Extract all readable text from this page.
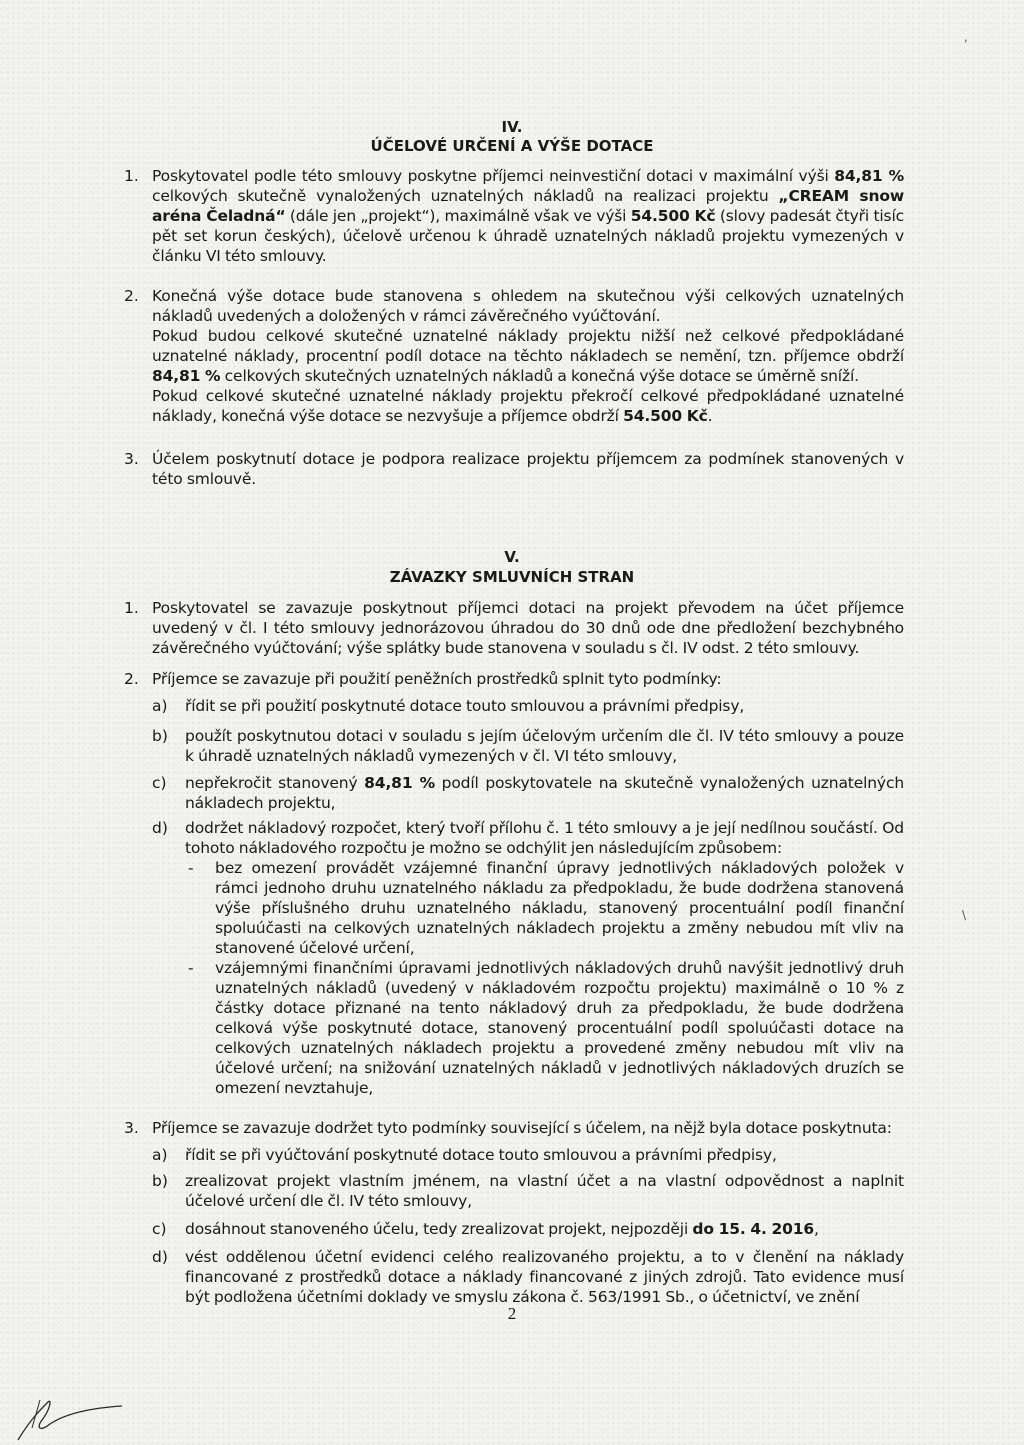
IV.
ÚČELOVÉ URČENÍ A VÝŠE DOTACE
1. Poskytovatel podle této smlouvy poskytne příjemci neinvestiční dotaci v maximální výši 84,81 % celkových skutečně vynaložených uznatelných nákladů na realizaci projektu „CREAM snow aréna Čeladná“ (dále jen „projekt“), maximálně však ve výši 54.500 Kč (slovy padesát čtyři tisíc pět set korun českých), účelově určenou k úhradě uznatelných nákladů projektu vymezených v článku VI této smlouvy.
2. Konečná výše dotace bude stanovena s ohledem na skutečnou výši celkových uznatelných nákladů uvedených a doložených v rámci závěrečného vyúčtování.
Pokud budou celkové skutečné uznatelné náklady projektu nižší než celkové předpokládané uznatelné náklady, procentní podíl dotace na těchto nákladech se nemění, tzn. příjemce obdrží 84,81 % celkových skutečných uznatelných nákladů a konečná výše dotace se úměrně sníží.
Pokud celkové skutečné uznatelné náklady projektu překročí celkové předpokládané uznatelné náklady, konečná výše dotace se nezvyšuje a příjemce obdrží 54.500 Kč.
3. Účelem poskytnutí dotace je podpora realizace projektu příjemcem za podmínek stanovených v této smlouvě.
V.
ZÁVAZKY SMLUVNÍCH STRAN
1. Poskytovatel se zavazuje poskytnout příjemci dotaci na projekt převodem na účet příjemce uvedený v čl. I této smlouvy jednorázovou úhradou do 30 dnů ode dne předložení bezchybného závěrečného vyúčtování; výše splátky bude stanovena v souladu s čl. IV odst. 2 této smlouvy.
2. Příjemce se zavazuje při použití peněžních prostředků splnit tyto podmínky:
a) řídit se při použití poskytnuté dotace touto smlouvou a právními předpisy,
b) použít poskytnutou dotaci v souladu s jejím účelovým určením dle čl. IV této smlouvy a pouze k úhradě uznatelných nákladů vymezených v čl. VI této smlouvy,
c) nepřekročit stanovený 84,81 % podíl poskytovatele na skutečně vynaložených uznatelných nákladech projektu,
d) dodržet nákladový rozpočet, který tvoří přílohu č. 1 této smlouvy a je její nedílnou součástí. Od tohoto nákladového rozpočtu je možno se odchýlit jen následujícím způsobem:
- bez omezení provádět vzájemné finanční úpravy jednotlivých nákladových položek v rámci jednoho druhu uznatelného nákladu za předpokladu, že bude dodržena stanovená výše příslušného druhu uznatelného nákladu, stanovený procentuální podíl finanční spoluúčasti na celkových uznatelných nákladech projektu a změny nebudou mít vliv na stanovené účelové určení,
- vzájemnými finančními úpravami jednotlivých nákladových druhů navýšit jednotlivý druh uznatelných nákladů (uvedený v nákladovém rozpočtu projektu) maximálně o 10 % z částky dotace přiznané na tento nákladový druh za předpokladu, že bude dodržena celková výše poskytnuté dotace, stanovený procentuální podíl spoluúčasti dotace na celkových uznatelných nákladech projektu a provedené změny nebudou mít vliv na účelové určení; na snižování uznatelných nákladů v jednotlivých nákladových druzích se omezení nevztahuje,
3. Příjemce se zavazuje dodržet tyto podmínky související s účelem, na nějž byla dotace poskytnuta:
a) řídit se při vyúčtování poskytnuté dotace touto smlouvou a právními předpisy,
b) zrealizovat projekt vlastním jménem, na vlastní účet a na vlastní odpovědnost a naplnit účelové určení dle čl. IV této smlouvy,
c) dosáhnout stanoveného účelu, tedy zrealizovat projekt, nejpozději do 15. 4. 2016,
d) vést oddělenou účetní evidenci celého realizovaného projektu, a to v členění na náklady financované z prostředků dotace a náklady financované z jiných zdrojů. Tato evidence musí být podložena účetními doklady ve smyslu zákona č. 563/1991 Sb., o účetnictví, ve znění
2
,
\
